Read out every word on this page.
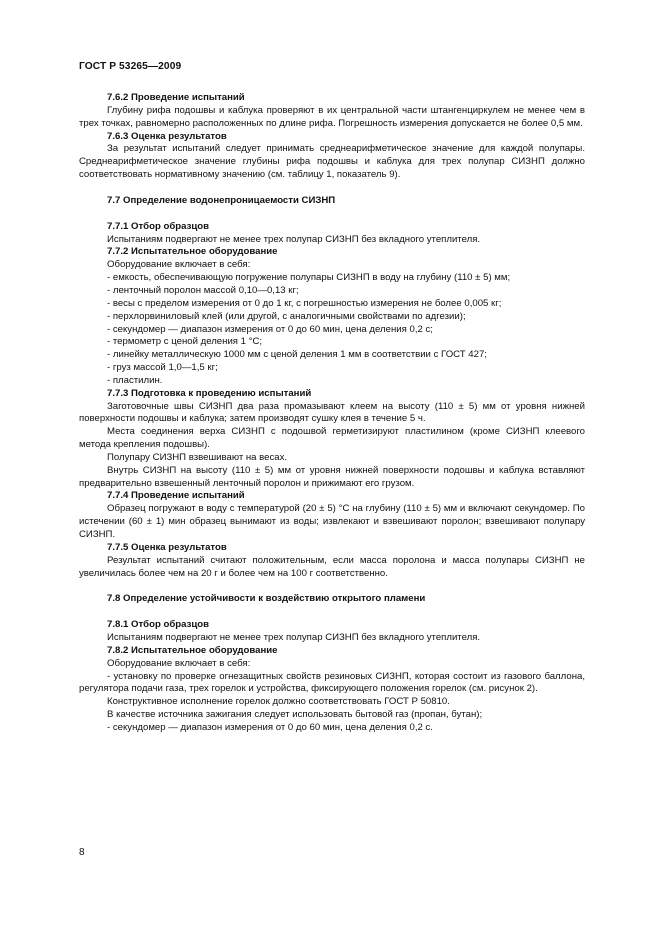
ГОСТ Р 53265—2009

7.6.2 Проведение испытаний

Глубину рифа подошвы и каблука проверяют в их центральной части штангенциркулем не менее чем в трех точках, равномерно расположенных по длине рифа. Погрешность измерения допускается не более 0,5 мм.

7.6.3 Оценка результатов

За результат испытаний следует принимать среднеарифметическое значение для каждой полупары. Среднеарифметическое значение глубины рифа подошвы и каблука для трех полупар СИЗНП должно соответствовать нормативному значению (см. таблицу 1, показатель 9).

7.7 Определение водонепроницаемости СИЗНП

7.7.1 Отбор образцов

Испытаниям подвергают не менее трех полупар СИЗНП без вкладного утеплителя.

7.7.2 Испытательное оборудование

Оборудование включает в себя:

- емкость, обеспечивающую погружение полупары СИЗНП в воду на глубину (110 ± 5) мм;

- ленточный поролон массой 0,10—0,13 кг;

- весы с пределом измерения от 0 до 1 кг, с погрешностью измерения не более 0,005 кг;

- перхлорвиниловый клей (или другой, с аналогичными свойствами по адгезии);

- секундомер — диапазон измерения от 0 до 60 мин, цена деления 0,2 с;

- термометр с ценой деления 1 °С;

- линейку металлическую 1000 мм с ценой деления 1 мм в соответствии с ГОСТ 427;

- груз массой 1,0—1,5 кг;

- пластилин.

7.7.3 Подготовка к проведению испытаний

Заготовочные швы СИЗНП два раза промазывают клеем на высоту (110 ± 5) мм от уровня нижней поверхности подошвы и каблука; затем производят сушку клея в течение 5 ч.

Места соединения верха СИЗНП с подошвой герметизируют пластилином (кроме СИЗНП клеевого метода крепления подошвы).

Полупару СИЗНП взвешивают на весах.

Внутрь СИЗНП на высоту (110 ± 5) мм от уровня нижней поверхности подошвы и каблука вставляют предварительно взвешенный ленточный поролон и прижимают его грузом.

7.7.4 Проведение испытаний

Образец погружают в воду с температурой (20 ± 5) °С на глубину (110 ± 5) мм и включают секундомер. По истечении (60 ± 1) мин образец вынимают из воды; извлекают и взвешивают поролон; взвешивают полупару СИЗНП.

7.7.5 Оценка результатов

Результат испытаний считают положительным, если масса поролона и масса полупары СИЗНП не увеличилась более чем на 20 г и более чем на 100 г соответственно.

7.8 Определение устойчивости к воздействию открытого пламени

7.8.1 Отбор образцов

Испытаниям подвергают не менее трех полупар СИЗНП без вкладного утеплителя.

7.8.2 Испытательное оборудование

Оборудование включает в себя:

- установку по проверке огнезащитных свойств резиновых СИЗНП, которая состоит из газового баллона, регулятора подачи газа, трех горелок и устройства, фиксирующего положения горелок (см. рисунок 2).

Конструктивное исполнение горелок должно соответствовать ГОСТ Р 50810.

В качестве источника зажигания следует использовать бытовой газ (пропан, бутан);

- секундомер — диапазон измерения от 0 до 60 мин, цена деления 0,2 с.

8
